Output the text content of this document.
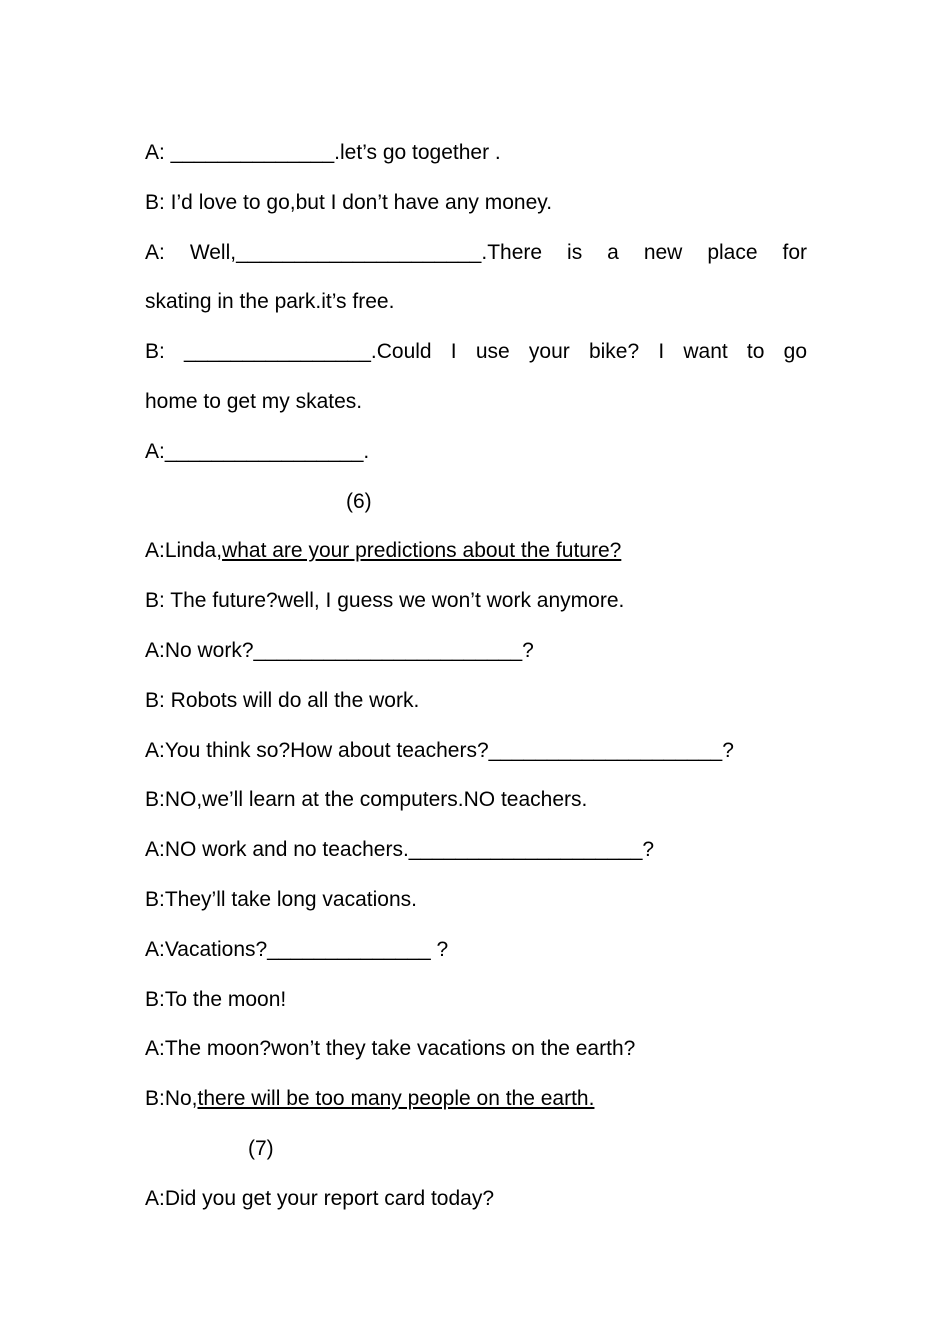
A: ______________.let’s go together .
B: I’d love to go,but I don’t have any money.
A: Well,_____________________.There is a new place for
skating in the park.it’s free.
B: ________________.Could I use your bike? I want to go
home to get my skates.
A:_________________.
(6)
A:Linda,what are your predictions about the future?
B: The future?well, I guess we won’t work anymore.
A:No work?_______________________?
B: Robots will do all the work.
A:You think so?How about teachers?____________________?
B:NO,we’ll learn at the computers.NO teachers.
A:NO work and no teachers.____________________?
B:They’ll take long vacations.
A:Vacations?______________ ?
B:To the moon!
A:The moon?won’t they take vacations on the earth?
B:No,there will be too many people on the earth.
(7)
A:Did you get your report card today?
